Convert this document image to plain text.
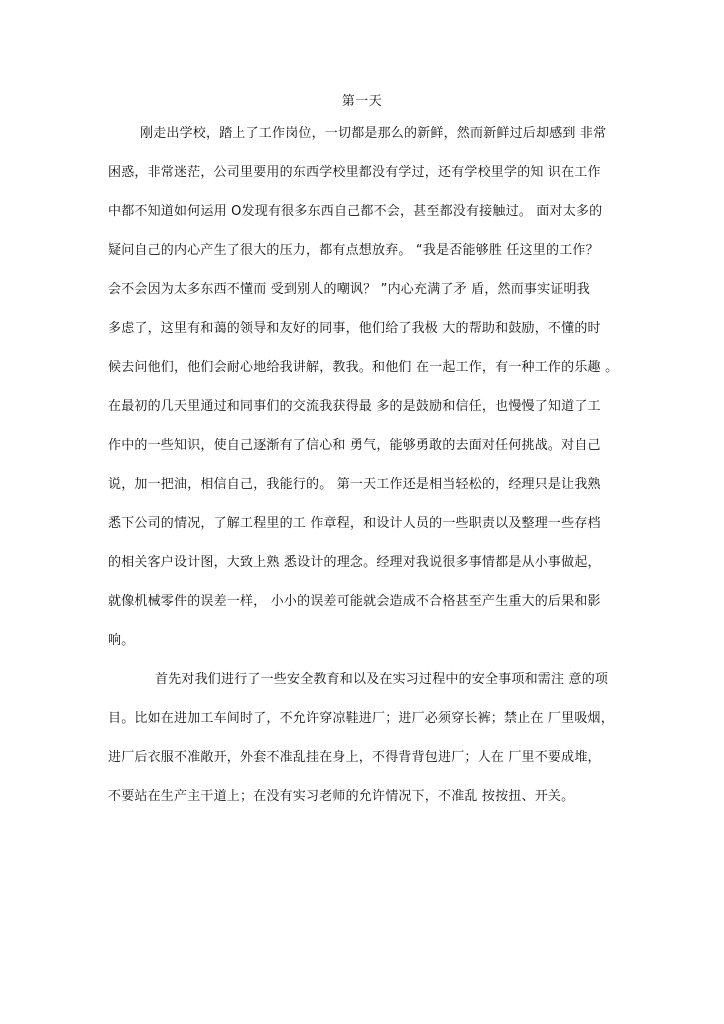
第一天
刚走出学校，踏上了工作岗位，一切都是那么的新鲜，然而新鲜过后却感到 非常
困惑，非常迷茫，公司里要用的东西学校里都没有学过，还有学校里学的知 识在工作
中都不知道如何运用 O发现有很多东西自己都不会，甚至都没有接触过。 面对太多的
疑问自己的内心产生了很大的压力，都有点想放弃。 “我是否能够胜 任这里的工作？
会不会因为太多东西不懂而 受到别人的嘲讽？ ”内心充满了矛 盾，然而事实证明我
多虑了，这里有和蔼的领导和友好的同事，他们给了我极 大的帮助和鼓励，不懂的时
候去问他们，他们会耐心地给我讲解，教我。和他们 在一起工作，有一种工作的乐趣 。
在最初的几天里通过和同事们的交流我获得最 多的是鼓励和信任，也慢慢了知道了工
作中的一些知识，使自己逐渐有了信心和 勇气，能够勇敢的去面对任何挑战。对自己
说，加一把油，相信自己，我能行的。 第一天工作还是相当轻松的，经理只是让我熟
悉下公司的情况，了解工程里的工 作章程，和设计人员的一些职责以及整理一些存档
的相关客户设计图，大致上熟 悉设计的理念。经理对我说很多事情都是从小事做起，
就像机械零件的误差一样， 小小的误差可能就会造成不合格甚至产生重大的后果和影
响。
首先对我们进行了一些安全教育和以及在实习过程中的安全事项和需注 意的项
目。比如在进加工车间时了，不允许穿凉鞋进厂；进厂必须穿长裤；禁止在 厂里吸烟，
进厂后衣服不准敞开，外套不准乱挂在身上，不得背背包进厂；人在 厂里不要成堆，
不要站在生产主干道上；在没有实习老师的允许情况下，不准乱 按按扭、开关。
